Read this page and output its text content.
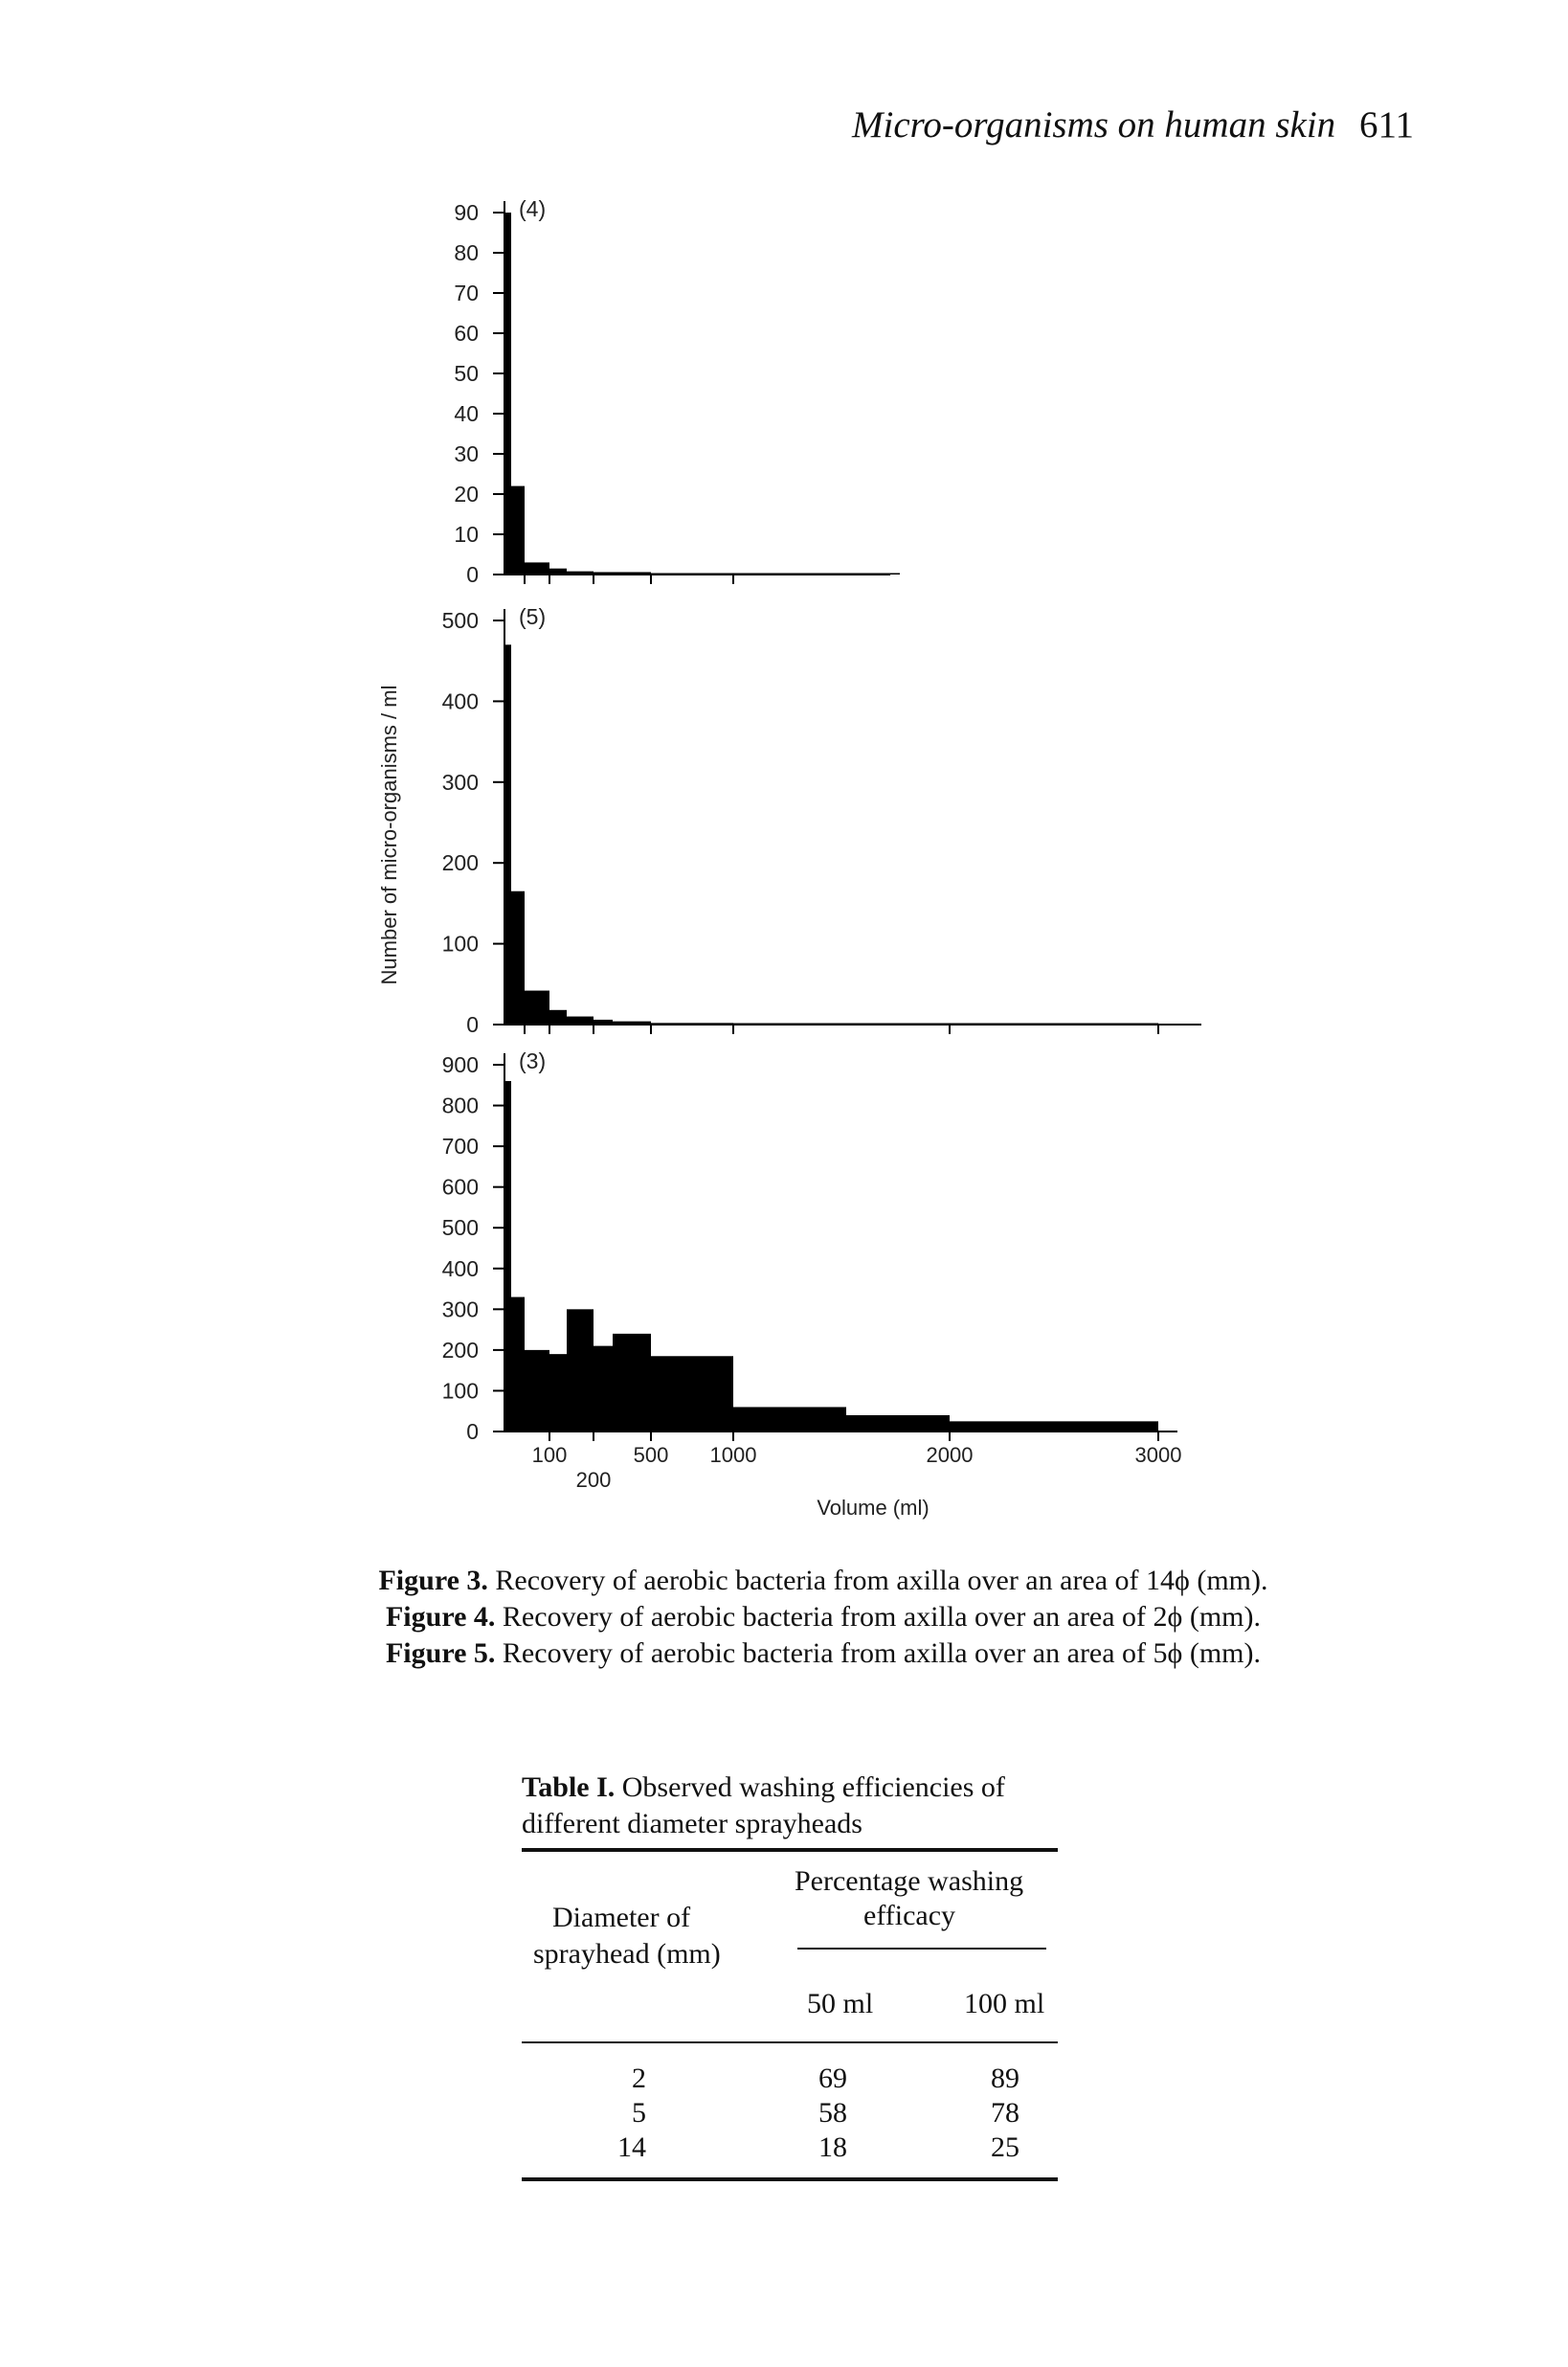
Micro-organisms on human skin 611
Number of micro-organisms / ml
Volume (ml)
0
10
20
30
40
50
60
70
80
90 (4)
0
100
200
300
400
500 (5)
0
100
200
300
400
500
600
700
800
900
100
200
500 1000	2000	3000
(3)
Figure 3. Recovery of aerobic bacteria from axilla over an area of 14ϕ (mm).
Figure 4. Recovery of aerobic bacteria from axilla over an area of 2ϕ (mm).
Figure 5. Recovery of aerobic bacteria from axilla over an area of 5ϕ (mm).
Table I. Observed washing efficiencies of
different diameter sprayheads
Diameter of
sprayhead (mm)
Percentage washing
efficacy
50 ml	100 ml
2	69	89
5	58	78
14	18	25
